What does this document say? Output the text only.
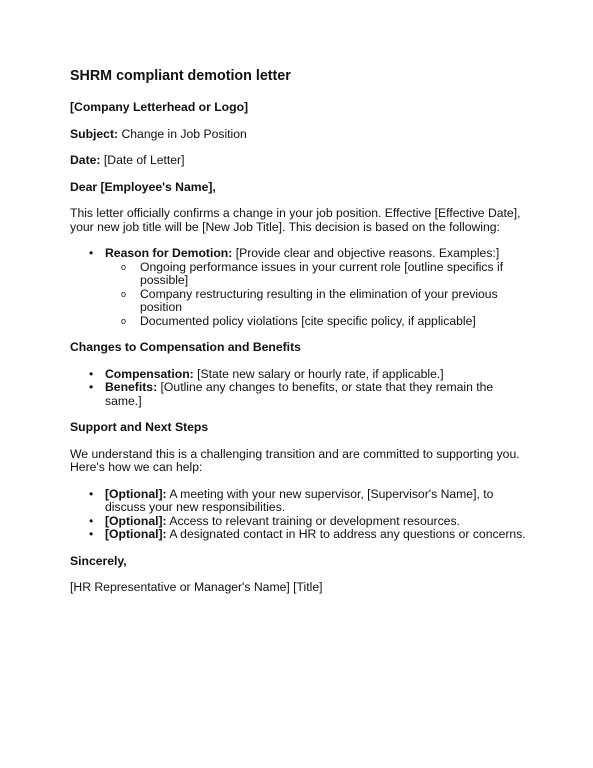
SHRM compliant demotion letter
[Company Letterhead or Logo]
Subject: Change in Job Position
Date: [Date of Letter]
Dear [Employee's Name],
This letter officially confirms a change in your job position. Effective [Effective Date], your new job title will be [New Job Title]. This decision is based on the following:
• Reason for Demotion: [Provide clear and objective reasons. Examples:]
o Ongoing performance issues in your current role [outline specifics if possible]
o Company restructuring resulting in the elimination of your previous position
o Documented policy violations [cite specific policy, if applicable]
Changes to Compensation and Benefits
• Compensation: [State new salary or hourly rate, if applicable.]
• Benefits: [Outline any changes to benefits, or state that they remain the same.]
Support and Next Steps
We understand this is a challenging transition and are committed to supporting you. Here's how we can help:
• [Optional]: A meeting with your new supervisor, [Supervisor's Name], to discuss your new responsibilities.
• [Optional]: Access to relevant training or development resources.
• [Optional]: A designated contact in HR to address any questions or concerns.
Sincerely,
[HR Representative or Manager's Name] [Title]
